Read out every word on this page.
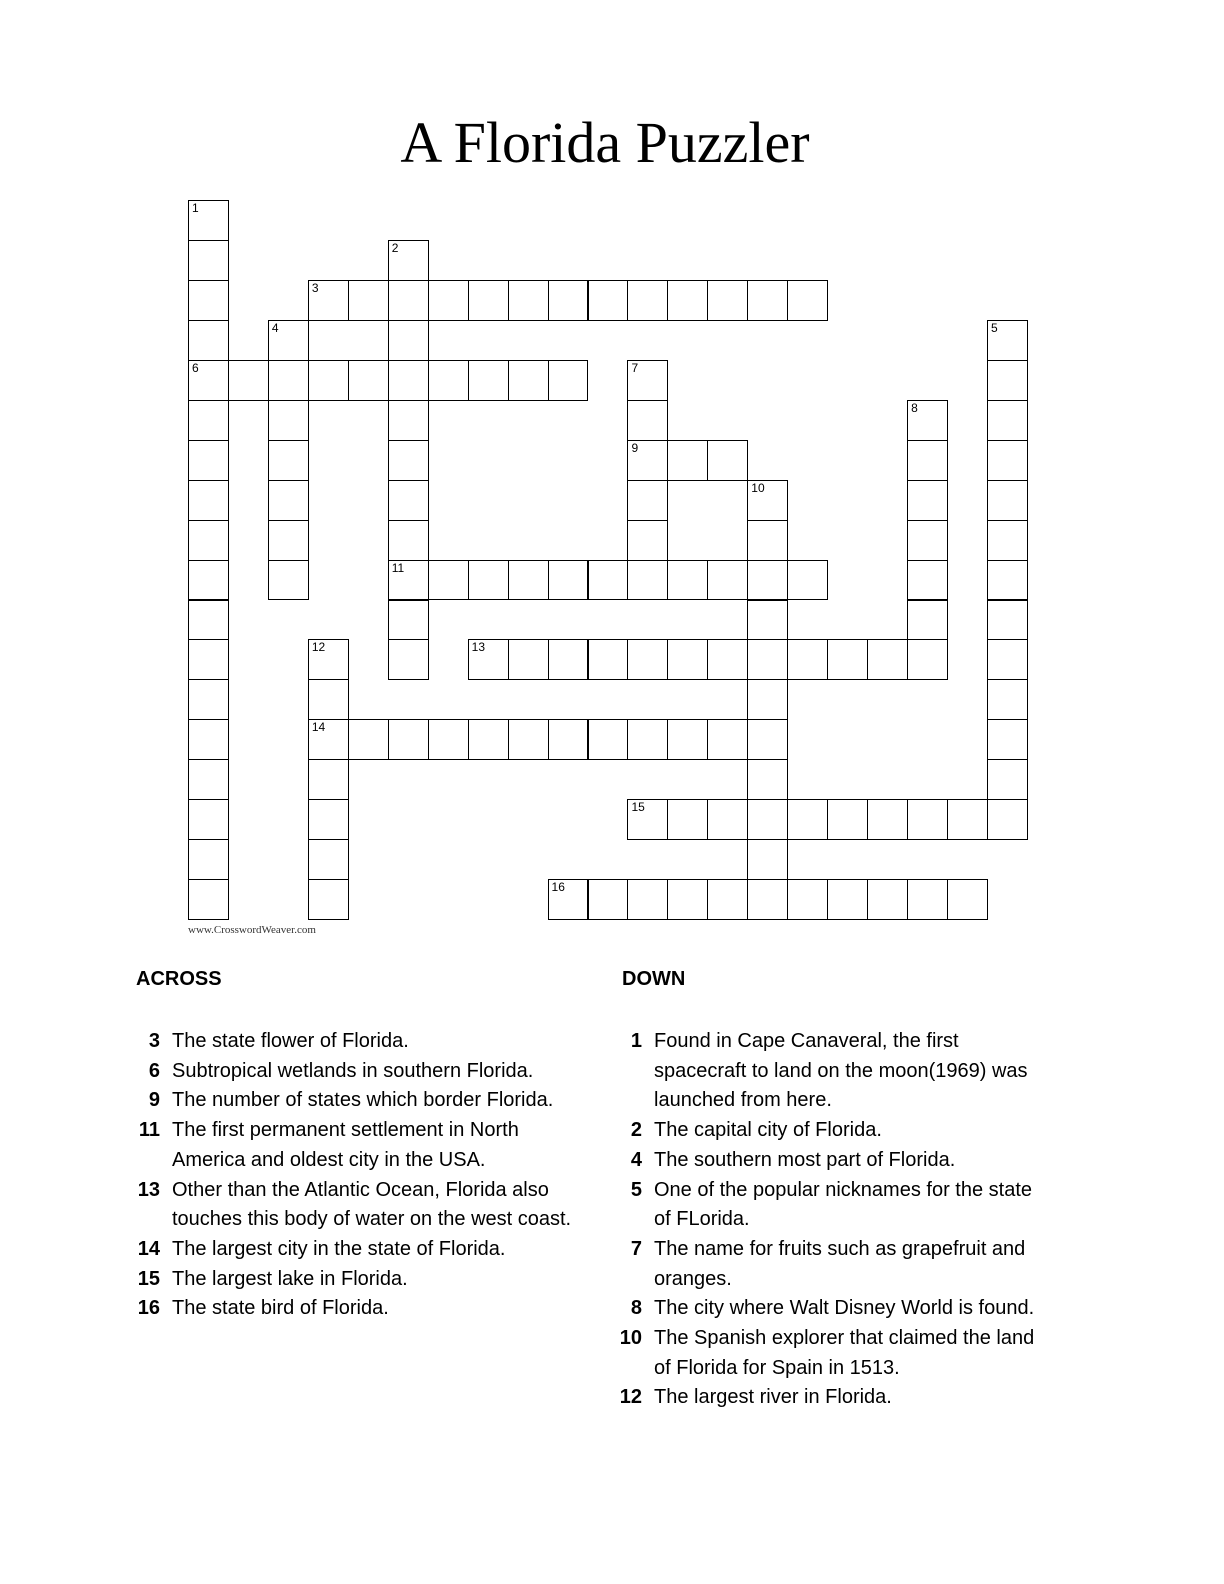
A Florida Puzzler
3
6
9
11
13
14
15
16
1
2
4	5
7
8
10
12
www.CrosswordWeaver.com
ACROSS	DOWN
3 The state flower of Florida.
6 Subtropical wetlands in southern Florida.
9 The number of states which border Florida.
11 The first permanent settlement in North America and oldest city in the USA.
13 Other than the Atlantic Ocean, Florida also touches this body of water on the west coast.
14 The largest city in the state of Florida.
15 The largest lake in Florida.
16 The state bird of Florida.
1 Found in Cape Canaveral, the first spacecraft to land on the moon(1969) was launched from here.
2 The capital city of Florida.
4 The southern most part of Florida.
5 One of the popular nicknames for the state of FLorida.
7 The name for fruits such as grapefruit and oranges.
8 The city where Walt Disney World is found.
10 The Spanish explorer that claimed the land of Florida for Spain in 1513.
12 The largest river in Florida.
